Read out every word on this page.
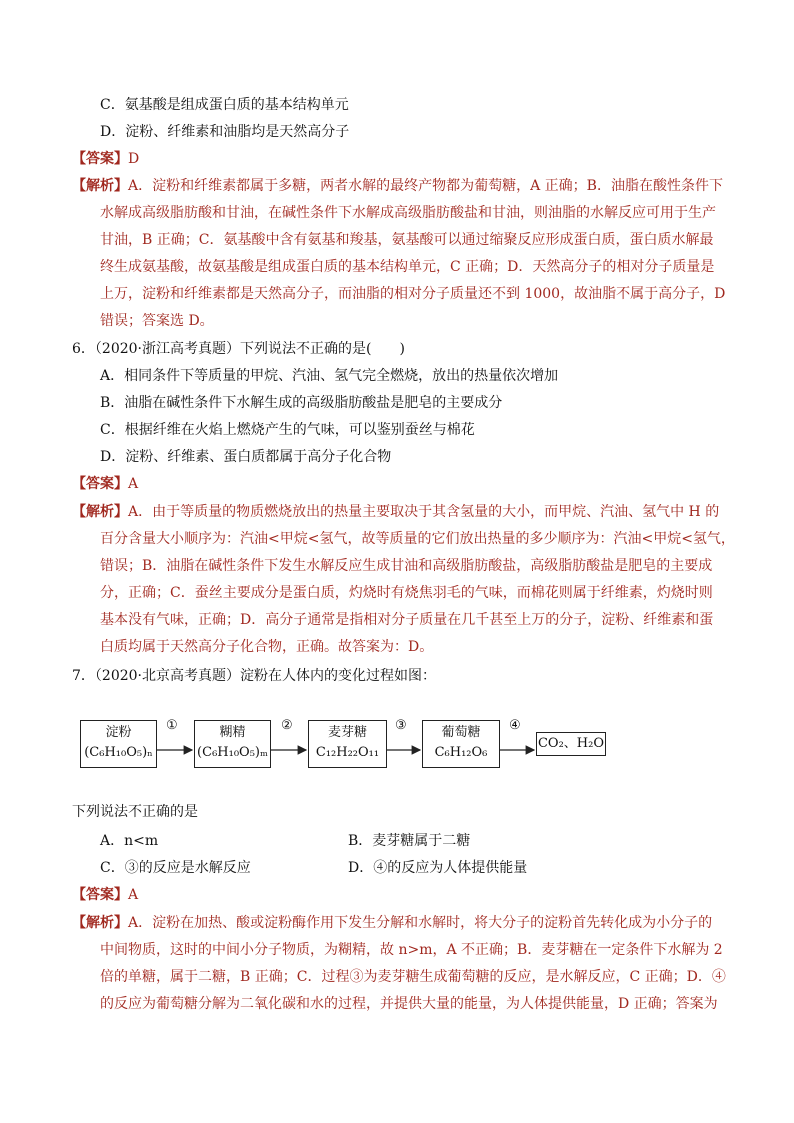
C．氨基酸是组成蛋白质的基本结构单元
D．淀粉、纤维素和油脂均是天然高分子
【答案】D
【解析】A．淀粉和纤维素都属于多糖，两者水解的最终产物都为葡萄糖，A 正确；B．油脂在酸性条件下
水解成高级脂肪酸和甘油，在碱性条件下水解成高级脂肪酸盐和甘油，则油脂的水解反应可用于生产
甘油，B 正确；C．氨基酸中含有氨基和羧基，氨基酸可以通过缩聚反应形成蛋白质，蛋白质水解最
终生成氨基酸，故氨基酸是组成蛋白质的基本结构单元，C 正确；D．天然高分子的相对分子质量是
上万，淀粉和纤维素都是天然高分子，而油脂的相对分子质量还不到 1000，故油脂不属于高分子，D
错误；答案选 D。
6．（2020·浙江高考真题）下列说法不正确的是(　　)
A．相同条件下等质量的甲烷、汽油、氢气完全燃烧，放出的热量依次增加
B．油脂在碱性条件下水解生成的高级脂肪酸盐是肥皂的主要成分
C．根据纤维在火焰上燃烧产生的气味，可以鉴别蚕丝与棉花
D．淀粉、纤维素、蛋白质都属于高分子化合物
【答案】A
【解析】A．由于等质量的物质燃烧放出的热量主要取决于其含氢量的大小，而甲烷、汽油、氢气中 H 的
百分含量大小顺序为：汽油<甲烷<氢气，故等质量的它们放出热量的多少顺序为：汽油<甲烷<氢气，
错误；B．油脂在碱性条件下发生水解反应生成甘油和高级脂肪酸盐，高级脂肪酸盐是肥皂的主要成
分，正确；C．蚕丝主要成分是蛋白质，灼烧时有烧焦羽毛的气味，而棉花则属于纤维素，灼烧时则
基本没有气味，正确；D．高分子通常是指相对分子质量在几千甚至上万的分子，淀粉、纤维素和蛋
白质均属于天然高分子化合物，正确。故答案为：D。
7．（2020·北京高考真题）淀粉在人体内的变化过程如图：
淀粉
(C₆H₁₀O₅)ₙ
①	糊精
(C₆H₁₀O₅)ₘ
②	麦芽糖
C₁₂H₂₂O₁₁
③	葡萄糖
C₆H₁₂O₆
④
CO₂、H₂O
下列说法不正确的是
A．n<m	B．麦芽糖属于二糖
C．③的反应是水解反应	D．④的反应为人体提供能量
【答案】A
【解析】A．淀粉在加热、酸或淀粉酶作用下发生分解和水解时，将大分子的淀粉首先转化成为小分子的
中间物质，这时的中间小分子物质，为糊精，故 n>m，A 不正确；B．麦芽糖在一定条件下水解为 2
倍的单糖，属于二糖，B 正确；C．过程③为麦芽糖生成葡萄糖的反应，是水解反应，C 正确；D．④
的反应为葡萄糖分解为二氧化碳和水的过程，并提供大量的能量，为人体提供能量，D 正确；答案为
